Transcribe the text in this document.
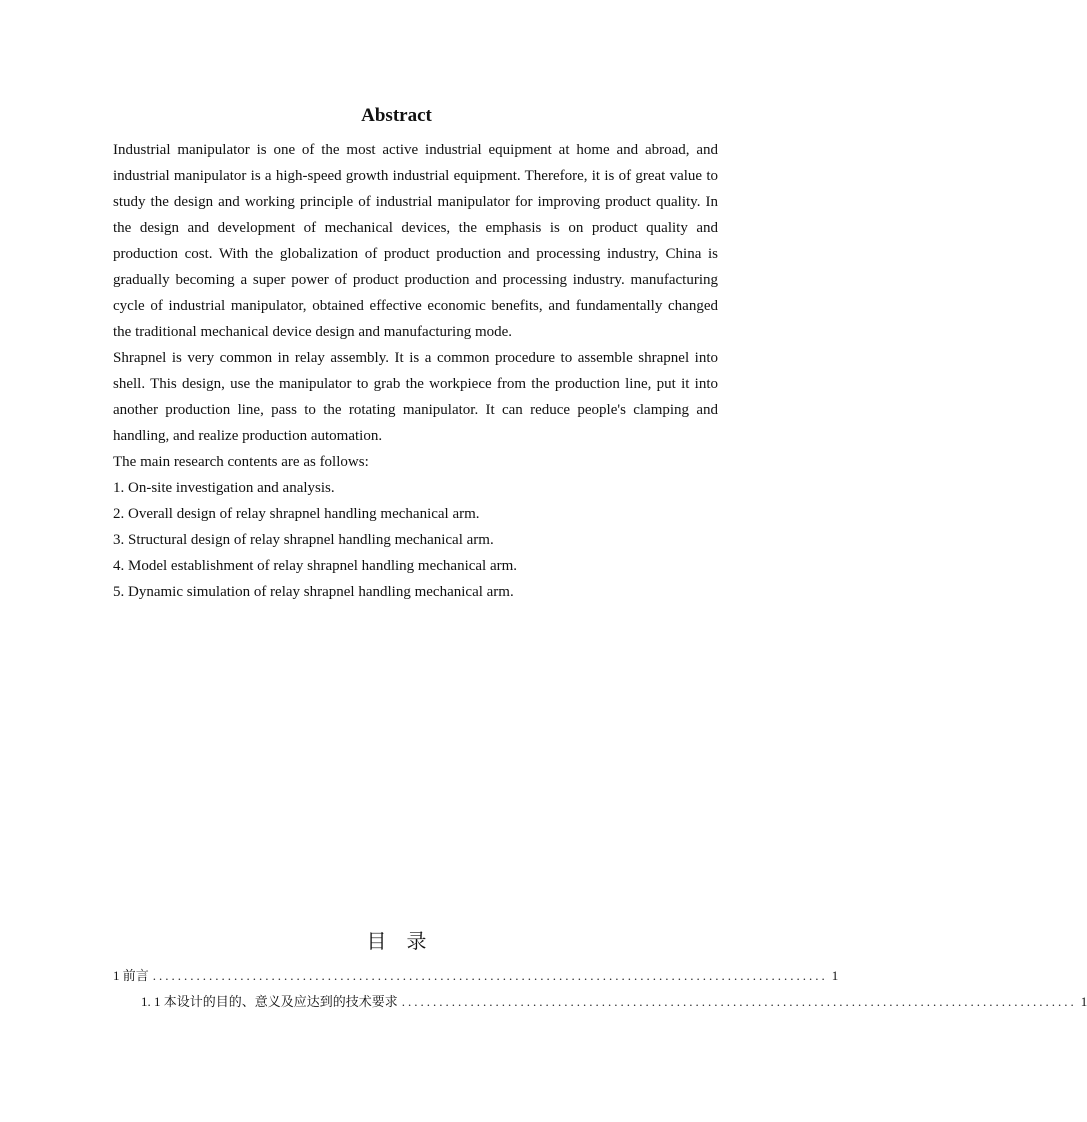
Abstract

Industrial manipulator is one of the most active industrial equipment at home and abroad, and industrial manipulator is a high-speed growth industrial equipment. Therefore, it is of great value to study the design and working principle of industrial manipulator for improving product quality. In the design and development of mechanical devices, the emphasis is on product quality and production cost. With the globalization of product production and processing industry, China is gradually becoming a super power of product production and processing industry. manufacturing cycle of industrial manipulator, obtained effective economic benefits, and fundamentally changed the traditional mechanical device design and manufacturing mode.

Shrapnel is very common in relay assembly. It is a common procedure to assemble shrapnel into shell. This design, use the manipulator to grab the workpiece from the production line, put it into another production line, pass to the rotating manipulator. It can reduce people's clamping and handling, and realize production automation.

The main research contents are as follows:

1. On-site investigation and analysis.

2. Overall design of relay shrapnel handling mechanical arm.

3. Structural design of relay shrapnel handling mechanical arm.

4. Model establishment of relay shrapnel handling mechanical arm.

5. Dynamic simulation of relay shrapnel handling mechanical arm.

目 录
1 前言 ............................................................................................................ 1
1. 1 本设计的目的、意义及应达到的技术要求 ............................................................................................................ 1
